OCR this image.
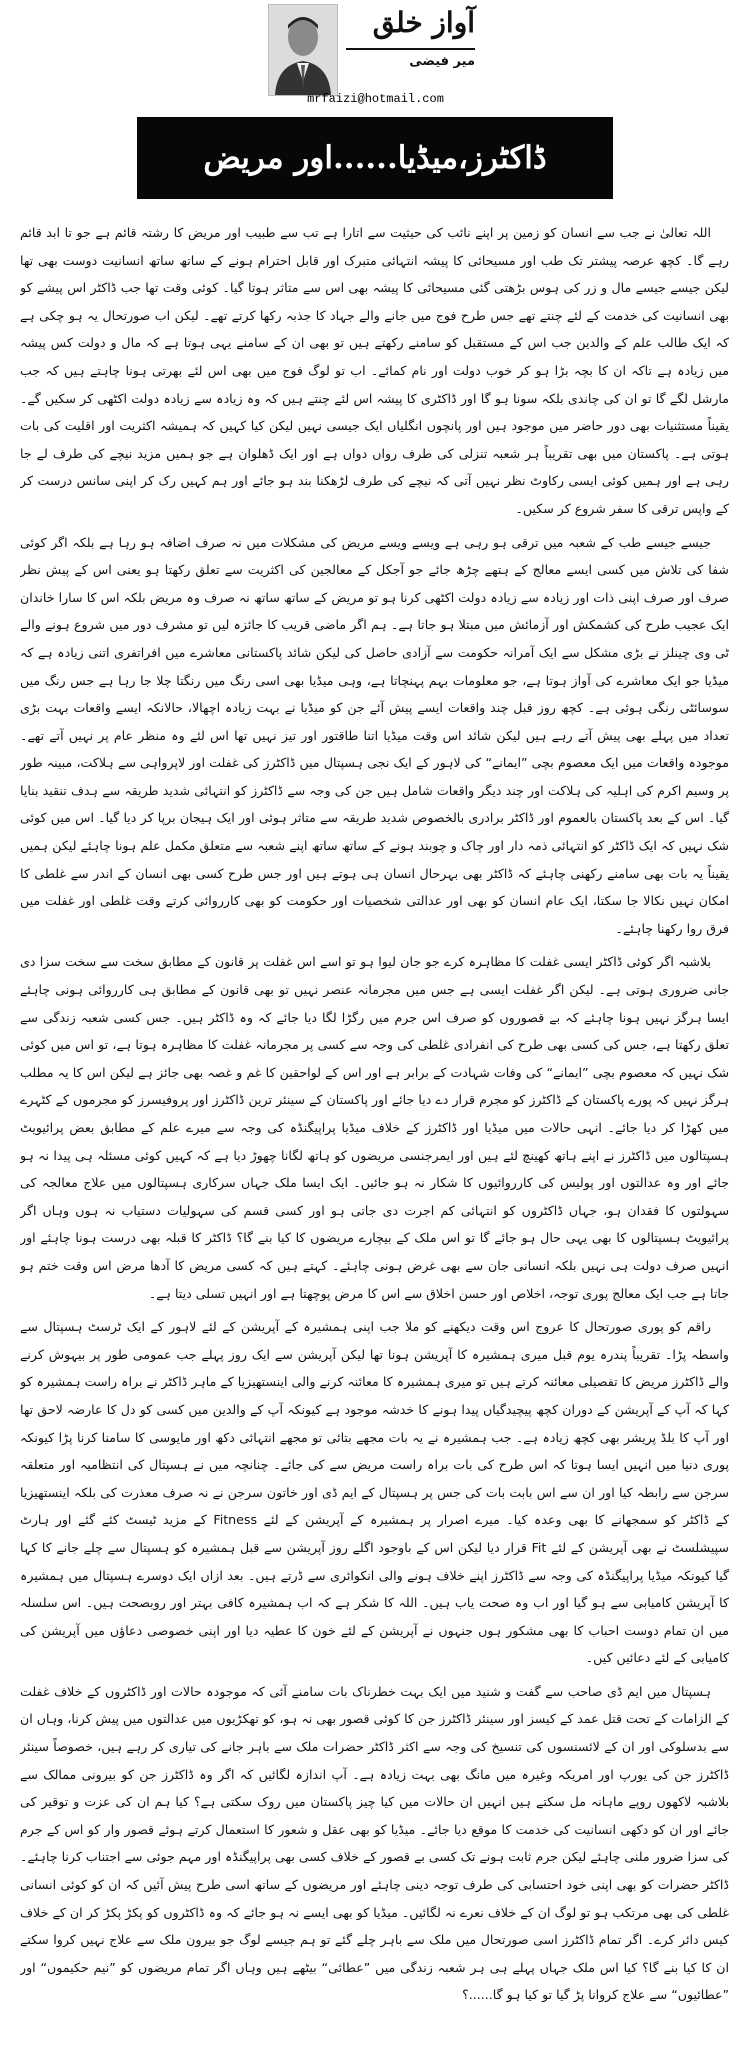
آواز خلق
میر فیضی
mrfaizi@hotmail.com
ڈاکٹرز،میڈیا......اور مریض

اللہ تعالیٰ نے جب سے انسان کو زمین پر اپنے نائب کی حیثیت سے اتارا ہے تب سے طبیب اور مریض کا رشتہ قائم ہے جو تا ابد قائم رہے گا۔ کچھ عرصہ پیشتر تک طب اور مسیحائی کا پیشہ انتہائی متبرک اور قابل احترام ہونے کے ساتھ ساتھ انسانیت دوست بھی تھا لیکن جیسے جیسے مال و زر کی ہوس بڑھتی گئی مسیحائی کا پیشہ بھی اس سے متاثر ہوتا گیا۔ کوئی وقت تھا جب ڈاکٹر اس پیشے کو بھی انسانیت کی خدمت کے لئے چنتے تھے جس طرح فوج میں جانے والے جہاد کا جذبہ رکھا کرتے تھے۔ لیکن اب صورتحال یہ ہو چکی ہے کہ ایک طالب علم کے والدین جب اس کے مستقبل کو سامنے رکھتے ہیں تو بھی ان کے سامنے یہی ہوتا ہے کہ مال و دولت کس پیشہ میں زیادہ ہے تاکہ ان کا بچہ بڑا ہو کر خوب دولت اور نام کمائے۔ اب تو لوگ فوج میں بھی اس لئے بھرتی ہونا چاہتے ہیں کہ جب مارشل لگے گا تو ان کی چاندی بلکہ سونا ہو گا اور ڈاکٹری کا پیشہ اس لئے چنتے ہیں کہ وہ زیادہ سے زیادہ دولت اکٹھی کر سکیں گے۔ یقیناً مستثنیات بھی دور حاضر میں موجود ہیں اور پانچوں انگلیاں ایک جیسی نہیں لیکن کیا کہیں کہ ہمیشہ اکثریت اور اقلیت کی بات ہوتی ہے۔ پاکستان میں بھی تقریباً ہر شعبہ تنزلی کی طرف رواں دواں ہے اور ایک ڈھلوان ہے جو ہمیں مزید نیچے کی طرف لے جا رہی ہے اور ہمیں کوئی ایسی رکاوٹ نظر نہیں آتی کہ نیچے کی طرف لڑھکنا بند ہو جائے اور ہم کہیں رک کر اپنی سانس درست کر کے واپس ترقی کا سفر شروع کر سکیں۔

جیسے جیسے طب کے شعبہ میں ترقی ہو رہی ہے ویسے ویسے مریض کی مشکلات میں نہ صرف اضافہ ہو رہا ہے بلکہ اگر کوئی شفا کی تلاش میں کسی ایسے معالج کے ہتھے چڑھ جائے جو آجکل کے معالجین کی اکثریت سے تعلق رکھتا ہو یعنی اس کے پیش نظر صرف اور صرف اپنی ذات اور زیادہ سے زیادہ دولت اکٹھی کرنا ہو تو مریض کے ساتھ ساتھ نہ صرف وہ مریض بلکہ اس کا سارا خاندان ایک عجیب طرح کی کشمکش اور آزمائش میں مبتلا ہو جاتا ہے۔ ہم اگر ماضی قریب کا جائزہ لیں تو مشرف دور میں شروع ہونے والے ٹی وی چینلز نے بڑی مشکل سے ایک آمرانہ حکومت سے آزادی حاصل کی لیکن شائد پاکستانی معاشرے میں افراتفری اتنی زیادہ ہے کہ میڈیا جو ایک معاشرے کی آواز ہوتا ہے، جو معلومات بہم پہنچاتا ہے، وہی میڈیا بھی اسی رنگ میں رنگتا چلا جا رہا ہے جس رنگ میں سوسائٹی رنگی ہوئی ہے۔ کچھ روز قبل چند واقعات ایسے پیش آئے جن کو میڈیا نے بہت زیادہ اچھالا، حالانکہ ایسے واقعات بہت بڑی تعداد میں پہلے بھی پیش آتے رہے ہیں لیکن شائد اس وقت میڈیا اتنا طاقتور اور تیز نہیں تھا اس لئے وہ منظر عام پر نہیں آتے تھے۔ موجودہ واقعات میں ایک معصوم بچی ”ایمانے“ کی لاہور کے ایک نجی ہسپتال میں ڈاکٹرز کی غفلت اور لاپرواہی سے ہلاکت، مبینہ طور پر وسیم اکرم کی اہلیہ کی ہلاکت اور چند دیگر واقعات شامل ہیں جن کی وجہ سے ڈاکٹرز کو انتہائی شدید طریقہ سے ہدف تنقید بنایا گیا۔ اس کے بعد پاکستان بالعموم اور ڈاکٹر برادری بالخصوص شدید طریقہ سے متاثر ہوئی اور ایک ہیجان برپا کر دیا گیا۔ اس میں کوئی شک نہیں کہ ایک ڈاکٹر کو انتہائی ذمہ دار اور چاک و چوبند ہونے کے ساتھ ساتھ اپنے شعبہ سے متعلق مکمل علم ہونا چاہئے لیکن ہمیں یقیناً یہ بات بھی سامنے رکھنی چاہئے کہ ڈاکٹر بھی بہرحال انسان ہی ہوتے ہیں اور جس طرح کسی بھی انسان کے اندر سے غلطی کا امکان نہیں نکالا جا سکتا، ایک عام انسان کو بھی اور عدالتی شخصیات اور حکومت کو بھی کارروائی کرتے وقت غلطی اور غفلت میں فرق روا رکھنا چاہئے۔

بلاشبہ اگر کوئی ڈاکٹر ایسی غفلت کا مظاہرہ کرے جو جان لیوا ہو تو اسے اس غفلت پر قانون کے مطابق سخت سے سخت سزا دی جانی ضروری ہوتی ہے۔ لیکن اگر غفلت ایسی ہے جس میں مجرمانہ عنصر نہیں تو بھی قانون کے مطابق ہی کارروائی ہونی چاہئے ایسا ہرگز نہیں ہونا چاہئے کہ بے قصوروں کو صرف اس جرم میں رگڑا لگا دیا جائے کہ وہ ڈاکٹر ہیں۔ جس کسی شعبہ زندگی سے تعلق رکھتا ہے، جس کی کسی بھی طرح کی انفرادی غلطی کی وجہ سے کسی پر مجرمانہ غفلت کا مظاہرہ ہوتا ہے، تو اس میں کوئی شک نہیں کہ معصوم بچی ”ایمانے“ کی وفات شہادت کے برابر ہے اور اس کے لواحقین کا غم و غصہ بھی جائز ہے لیکن اس کا یہ مطلب ہرگز نہیں کہ پورے پاکستان کے ڈاکٹرز کو مجرم قرار دے دیا جائے اور پاکستان کے سینئر ترین ڈاکٹرز اور پروفیسرز کو مجرموں کے کٹہرے میں کھڑا کر دیا جائے۔ انہی حالات میں میڈیا اور ڈاکٹرز کے خلاف میڈیا پراپیگنڈہ کی وجہ سے میرے علم کے مطابق بعض پرائیویٹ ہسپتالوں میں ڈاکٹرز نے اپنے ہاتھ کھینچ لئے ہیں اور ایمرجنسی مریضوں کو ہاتھ لگانا چھوڑ دیا ہے کہ کہیں کوئی مسئلہ ہی پیدا نہ ہو جائے اور وہ عدالتوں اور پولیس کی کارروائیوں کا شکار نہ ہو جائیں۔ ایک ایسا ملک جہاں سرکاری ہسپتالوں میں علاج معالجہ کی سہولتوں کا فقدان ہو، جہاں ڈاکٹروں کو انتہائی کم اجرت دی جاتی ہو اور کسی قسم کی سہولیات دستیاب نہ ہوں وہاں اگر پرائیویٹ ہسپتالوں کا بھی یہی حال ہو جائے گا تو اس ملک کے بیچارے مریضوں کا کیا بنے گا؟ ڈاکٹر کا قبلہ بھی درست ہونا چاہئے اور انہیں صرف دولت ہی نہیں بلکہ انسانی جان سے بھی غرض ہونی چاہئے۔ کہتے ہیں کہ کسی مریض کا آدھا مرض اس وقت ختم ہو جاتا ہے جب ایک معالج پوری توجہ، اخلاص اور حسن اخلاق سے اس کا مرض پوچھتا ہے اور انہیں تسلی دیتا ہے۔

راقم کو پوری صورتحال کا عروج اس وقت دیکھنے کو ملا جب اپنی ہمشیرہ کے آپریشن کے لئے لاہور کے ایک ٹرسٹ ہسپتال سے واسطہ پڑا۔ تقریباً پندرہ یوم قبل میری ہمشیرہ کا آپریشن ہونا تھا لیکن آپریشن سے ایک روز پہلے جب عمومی طور پر بیہوش کرنے والے ڈاکٹرز مریض کا تفصیلی معائنہ کرتے ہیں تو میری ہمشیرہ کا معائنہ کرنے والی اینستھیزیا کے ماہر ڈاکٹر نے براہ راست ہمشیرہ کو کہا کہ آپ کے آپریشن کے دوران کچھ پیچیدگیاں پیدا ہونے کا خدشہ موجود ہے کیونکہ آپ کے والدین میں کسی کو دل کا عارضہ لاحق تھا اور آپ کا بلڈ پریشر بھی کچھ زیادہ ہے۔ جب ہمشیرہ نے یہ بات مجھے بتائی تو مجھے انتہائی دکھ اور مایوسی کا سامنا کرنا پڑا کیونکہ پوری دنیا میں انہیں ایسا ہوتا کہ اس طرح کی بات براہ راست مریض سے کی جائے۔ چنانچہ میں نے ہسپتال کی انتظامیہ اور متعلقہ سرجن سے رابطہ کیا اور ان سے اس بابت بات کی جس پر ہسپتال کے ایم ڈی اور خاتون سرجن نے نہ صرف معذرت کی بلکہ اینستھیزیا کے ڈاکٹر کو سمجھانے کا بھی وعدہ کیا۔ میرے اصرار پر ہمشیرہ کے آپریشن کے لئے Fitness کے مزید ٹیسٹ کئے گئے اور ہارٹ سپیشلسٹ نے بھی آپریشن کے لئے Fit قرار دیا لیکن اس کے باوجود اگلے روز آپریشن سے قبل ہمشیرہ کو ہسپتال سے چلے جانے کا کہا گیا کیونکہ میڈیا پراپیگنڈہ کی وجہ سے ڈاکٹرز اپنے خلاف ہونے والی انکوائری سے ڈرتے ہیں۔ بعد ازاں ایک دوسرے ہسپتال میں ہمشیرہ کا آپریشن کامیابی سے ہو گیا اور اب وہ صحت یاب ہیں۔ اللہ کا شکر ہے کہ اب ہمشیرہ کافی بہتر اور روبصحت ہیں۔ اس سلسلہ میں ان تمام دوست احباب کا بھی مشکور ہوں جنہوں نے آپریشن کے لئے خون کا عطیہ دیا اور اپنی خصوصی دعاؤں میں آپریشن کی کامیابی کے لئے دعائیں کیں۔

ہسپتال میں ایم ڈی صاحب سے گفت و شنید میں ایک بہت خطرناک بات سامنے آئی کہ موجودہ حالات اور ڈاکٹروں کے خلاف غفلت کے الزامات کے تحت قتل عمد کے کیسز اور سینئر ڈاکٹرز جن کا کوئی قصور بھی نہ ہو، کو تھکڑیوں میں عدالتوں میں پیش کرنا، وہاں ان سے بدسلوکی اور ان کے لائسنسوں کی تنسیخ کی وجہ سے اکثر ڈاکٹر حضرات ملک سے باہر جانے کی تیاری کر رہے ہیں، خصوصاً سینئر ڈاکٹرز جن کی یورپ اور امریکہ وغیرہ میں مانگ بھی بہت زیادہ ہے۔ آپ اندازہ لگائیں کہ اگر وہ ڈاکٹرز جن کو بیرونی ممالک سے بلاشبہ لاکھوں روپے ماہانہ مل سکتے ہیں انہیں ان حالات میں کیا چیز پاکستان میں روک سکتی ہے؟ کیا ہم ان کی عزت و توقیر کی جائے اور ان کو دکھی انسانیت کی خدمت کا موقع دیا جائے۔ میڈیا کو بھی عقل و شعور کا استعمال کرتے ہوئے قصور وار کو اس کے جرم کی سزا ضرور ملنی چاہئے لیکن جرم ثابت ہونے تک کسی بے قصور کے خلاف کسی بھی پراپیگنڈہ اور مہم جوئی سے اجتناب کرنا چاہئے۔ ڈاکٹر حضرات کو بھی اپنی خود احتسابی کی طرف توجہ دینی چاہئے اور مریضوں کے ساتھ اسی طرح پیش آئیں کہ ان کو کوئی انسانی غلطی کی بھی مرتکب ہو تو لوگ ان کے خلاف نعرے نہ لگائیں۔ میڈیا کو بھی ایسے نہ ہو جائے کہ وہ ڈاکٹروں کو پکڑ پکڑ کر ان کے خلاف کیس دائر کرے۔ اگر تمام ڈاکٹرز اسی صورتحال میں ملک سے باہر چلے گئے تو ہم جیسے لوگ جو بیرون ملک سے علاج نہیں کروا سکتے ان کا کیا بنے گا؟ کیا اس ملک جہاں پہلے ہی ہر شعبہ زندگی میں ”عطائی“ بیٹھے ہیں وہاں اگر تمام مریضوں کو ”نیم حکیموں“ اور ”عطائیوں“ سے علاج کروانا پڑ گیا تو کیا ہو گا......؟
